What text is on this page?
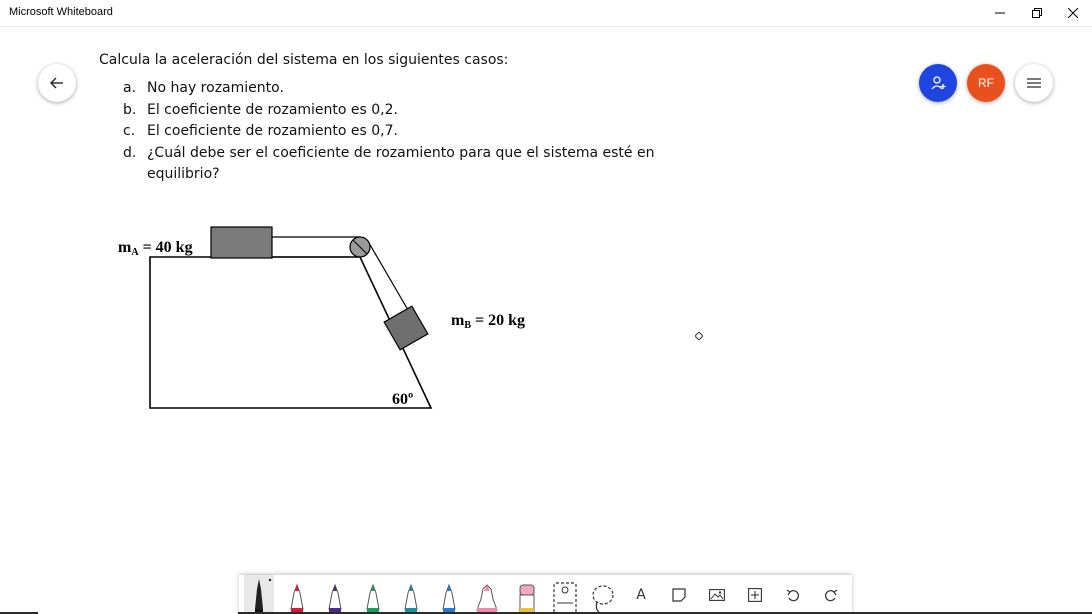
Microsoft Whiteboard
RF

Calcula la aceleración del sistema en los siguientes casos:

a. No hay rozamiento.
b. El coeficiente de rozamiento es 0,2.
c. El coeficiente de rozamiento es 0,7.
d. ¿Cuál debe ser el coeficiente de rozamiento para que el sistema esté en equilibrio?
mA = 40 kg
mB = 20 kg
60º
A
